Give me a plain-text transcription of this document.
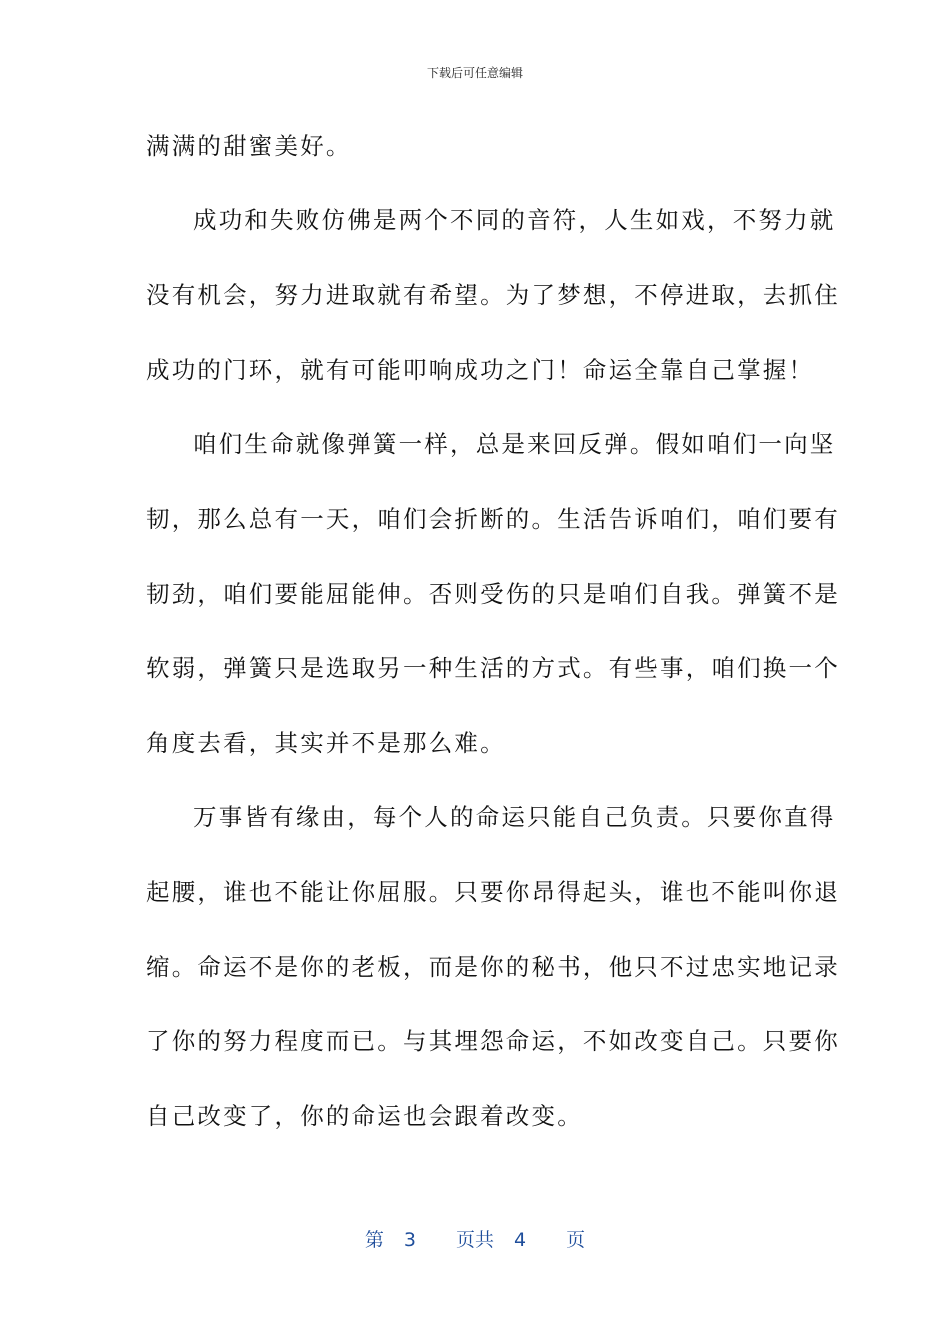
下载后可任意编辑
满满的甜蜜美好。
成功和失败仿佛是两个不同的音符，人生如戏，不努力就
没有机会，努力进取就有希望。为了梦想，不停进取，去抓住
成功的门环，就有可能叩响成功之门！命运全靠自己掌握！
咱们生命就像弹簧一样，总是来回反弹。假如咱们一向坚
韧，那么总有一天，咱们会折断的。生活告诉咱们，咱们要有
韧劲，咱们要能屈能伸。否则受伤的只是咱们自我。弹簧不是
软弱，弹簧只是选取另一种生活的方式。有些事，咱们换一个
角度去看，其实并不是那么难。
万事皆有缘由，每个人的命运只能自己负责。只要你直得
起腰，谁也不能让你屈服。只要你昂得起头，谁也不能叫你退
缩。命运不是你的老板，而是你的秘书，他只不过忠实地记录
了你的努力程度而已。与其埋怨命运，不如改变自己。只要你
自己改变了，你的命运也会跟着改变。
第 3 页共 4 页
